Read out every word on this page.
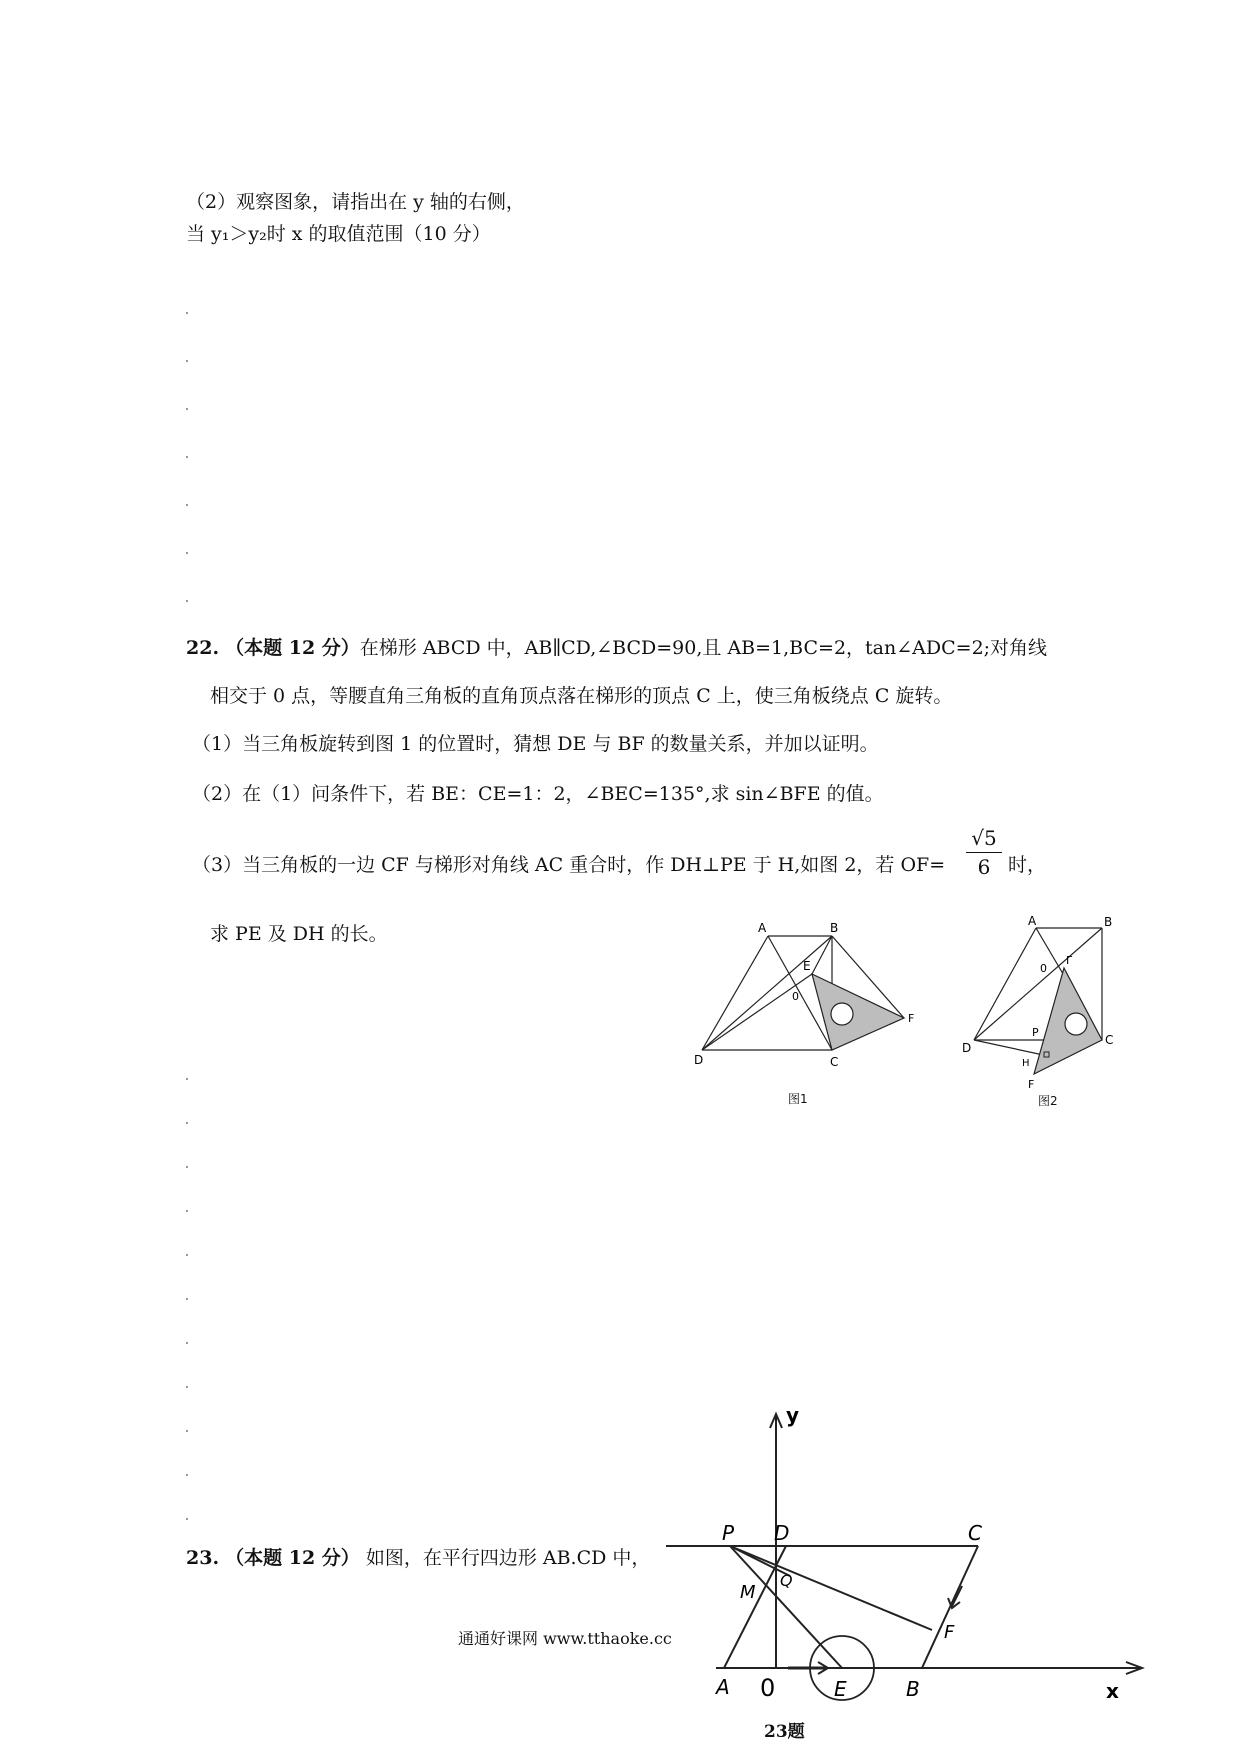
（2）观察图象，请指出在 y 轴的右侧，
当 y₁＞y₂时 x 的取值范围（10 分）
22. （本题 12 分）在梯形 ABCD 中，AB∥CD,∠BCD=90,且 AB=1,BC=2，tan∠ADC=2;对角线
相交于 0 点，等腰直角三角板的直角顶点落在梯形的顶点 C 上，使三角板绕点 C 旋转。
（1）当三角板旋转到图 1 的位置时，猜想 DE 与 BF 的数量关系，并加以证明。
（2）在（1）问条件下，若 BE：CE=1：2，∠BEC=135°,求 sin∠BFE 的值。
（3）当三角板的一边 CF 与梯形对角线 AC 重合时，作 DH⊥PE 于 H,如图 2，若 OF=
√5
6 时，
求 PE 及 DH 的长。	A	B
E
0
F
D	C
图1
A	B
0
Γ
P
D
C
H
F
图2
23. （本题 12 分） 如图，在平行四边形 AB.CD 中，
y
P D	C
M
Q
F
A 0	E	B	x
23题
通通好课网 www.tthaoke.cc
